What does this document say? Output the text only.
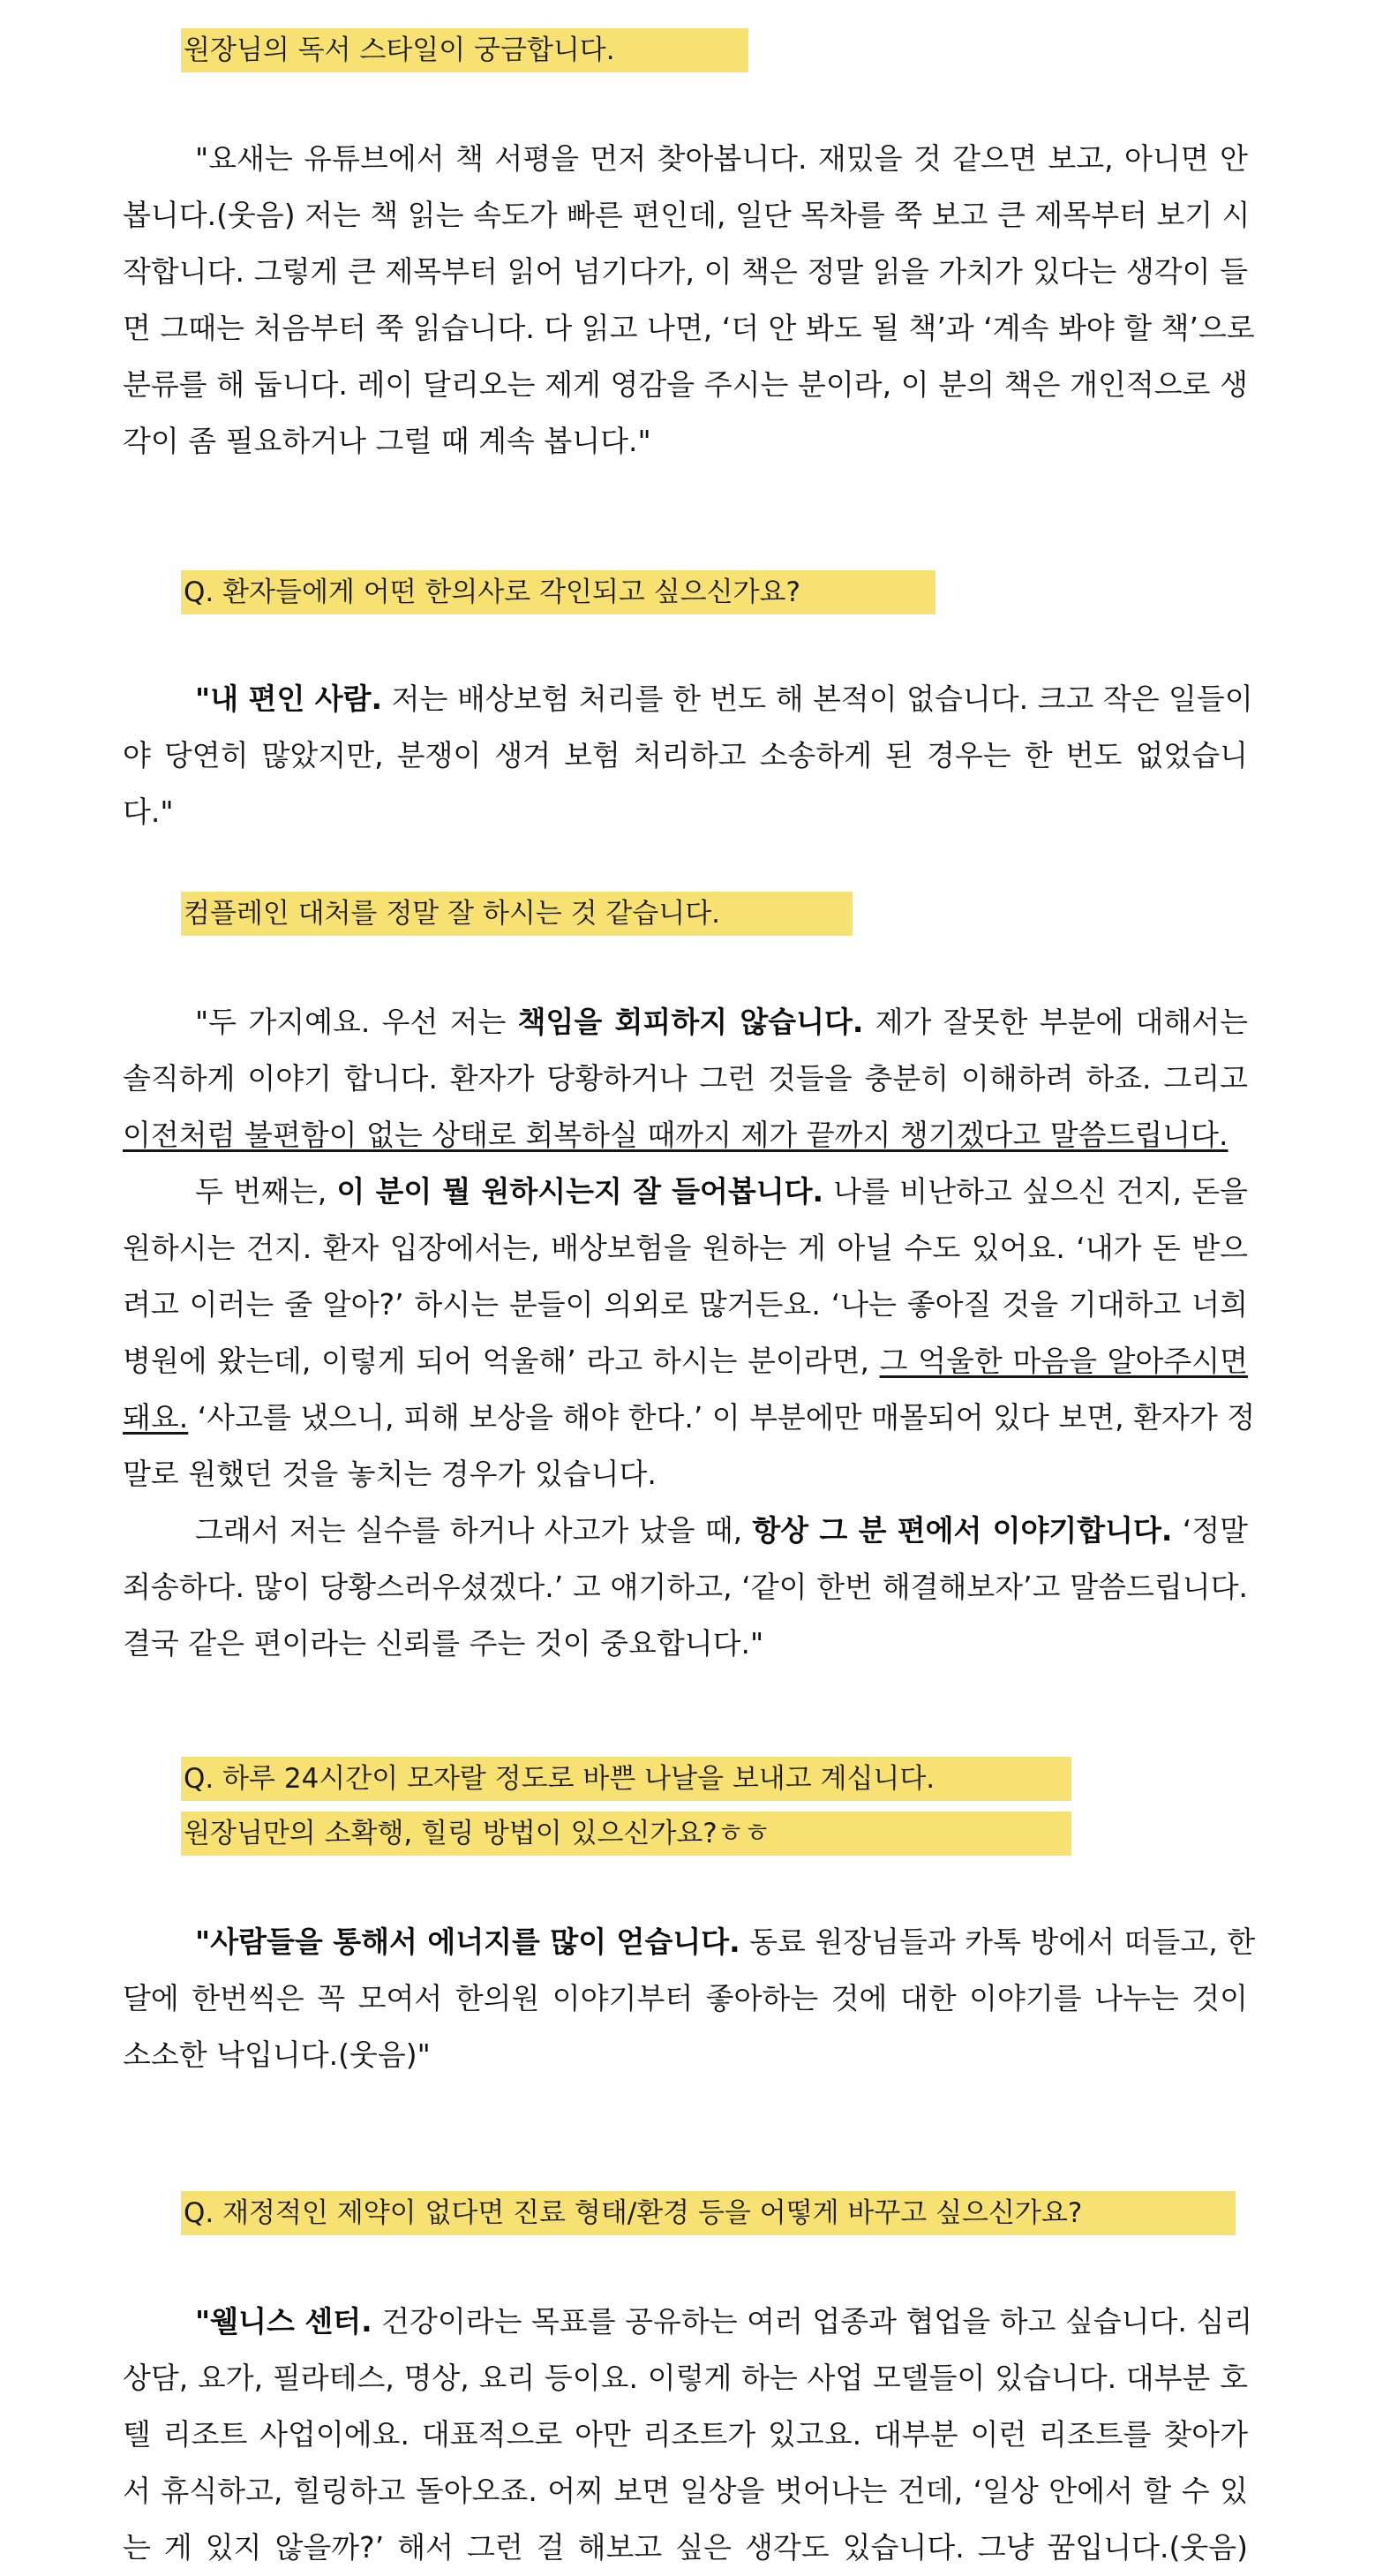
원장님의 독서 스타일이 궁금합니다.
"요새는 유튜브에서 책 서평을 먼저 찾아봅니다. 재밌을 것 같으면 보고, 아니면 안
봅니다.(웃음) 저는 책 읽는 속도가 빠른 편인데, 일단 목차를 쭉 보고 큰 제목부터 보기 시
작합니다. 그렇게 큰 제목부터 읽어 넘기다가, 이 책은 정말 읽을 가치가 있다는 생각이 들
면 그때는 처음부터 쭉 읽습니다. 다 읽고 나면, ‘더 안 봐도 될 책’과 ‘계속 봐야 할 책’으로
분류를 해 둡니다. 레이 달리오는 제게 영감을 주시는 분이라, 이 분의 책은 개인적으로 생
각이 좀 필요하거나 그럴 때 계속 봅니다."
Q. 환자들에게 어떤 한의사로 각인되고 싶으신가요?
"내 편인 사람. 저는 배상보험 처리를 한 번도 해 본적이 없습니다. 크고 작은 일들이
야 당연히 많았지만, 분쟁이 생겨 보험 처리하고 소송하게 된 경우는 한 번도 없었습니
다."
컴플레인 대처를 정말 잘 하시는 것 같습니다.
"두 가지예요. 우선 저는 책임을 회피하지 않습니다. 제가 잘못한 부분에 대해서는
솔직하게 이야기 합니다. 환자가 당황하거나 그런 것들을 충분히 이해하려 하죠. 그리고
이전처럼 불편함이 없는 상태로 회복하실 때까지 제가 끝까지 챙기겠다고 말씀드립니다.
두 번째는, 이 분이 뭘 원하시는지 잘 들어봅니다. 나를 비난하고 싶으신 건지, 돈을
원하시는 건지. 환자 입장에서는, 배상보험을 원하는 게 아닐 수도 있어요. ‘내가 돈 받으
려고 이러는 줄 알아?’ 하시는 분들이 의외로 많거든요. ‘나는 좋아질 것을 기대하고 너희
병원에 왔는데, 이렇게 되어 억울해’ 라고 하시는 분이라면, 그 억울한 마음을 알아주시면
돼요. ‘사고를 냈으니, 피해 보상을 해야 한다.’ 이 부분에만 매몰되어 있다 보면, 환자가 정
말로 원했던 것을 놓치는 경우가 있습니다.
그래서 저는 실수를 하거나 사고가 났을 때, 항상 그 분 편에서 이야기합니다. ‘정말
죄송하다. 많이 당황스러우셨겠다.’ 고 얘기하고, ‘같이 한번 해결해보자’고 말씀드립니다.
결국 같은 편이라는 신뢰를 주는 것이 중요합니다."
Q. 하루 24시간이 모자랄 정도로 바쁜 나날을 보내고 계십니다.
원장님만의 소확행, 힐링 방법이 있으신가요?ㅎㅎ
"사람들을 통해서 에너지를 많이 얻습니다. 동료 원장님들과 카톡 방에서 떠들고, 한
달에 한번씩은 꼭 모여서 한의원 이야기부터 좋아하는 것에 대한 이야기를 나누는 것이
소소한 낙입니다.(웃음)"
Q. 재정적인 제약이 없다면 진료 형태/환경 등을 어떻게 바꾸고 싶으신가요?
"웰니스 센터. 건강이라는 목표를 공유하는 여러 업종과 협업을 하고 싶습니다. 심리
상담, 요가, 필라테스, 명상, 요리 등이요. 이렇게 하는 사업 모델들이 있습니다. 대부분 호
텔 리조트 사업이에요. 대표적으로 아만 리조트가 있고요. 대부분 이런 리조트를 찾아가
서 휴식하고, 힐링하고 돌아오죠. 어찌 보면 일상을 벗어나는 건데, ‘일상 안에서 할 수 있
는 게 있지 않을까?’ 해서 그런 걸 해보고 싶은 생각도 있습니다. 그냥 꿈입니다.(웃음)
